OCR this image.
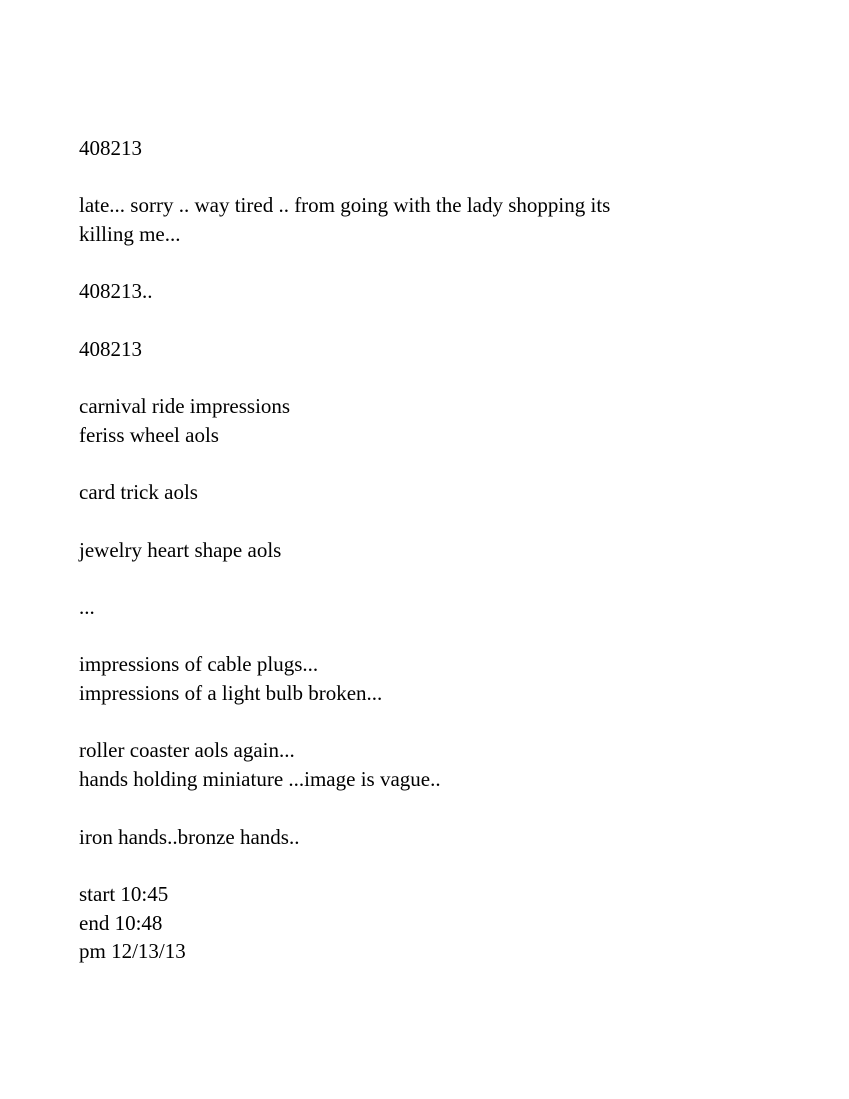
408213
late... sorry .. way tired .. from going with the lady shopping its
killing me...
408213..
408213
carnival ride impressions
feriss wheel aols
card trick aols
jewelry heart shape aols
...
impressions of cable plugs...
impressions of a light bulb broken...
roller coaster aols again...
hands holding miniature ...image is vague..
iron hands..bronze hands..
start 10:45
end 10:48
pm 12/13/13
